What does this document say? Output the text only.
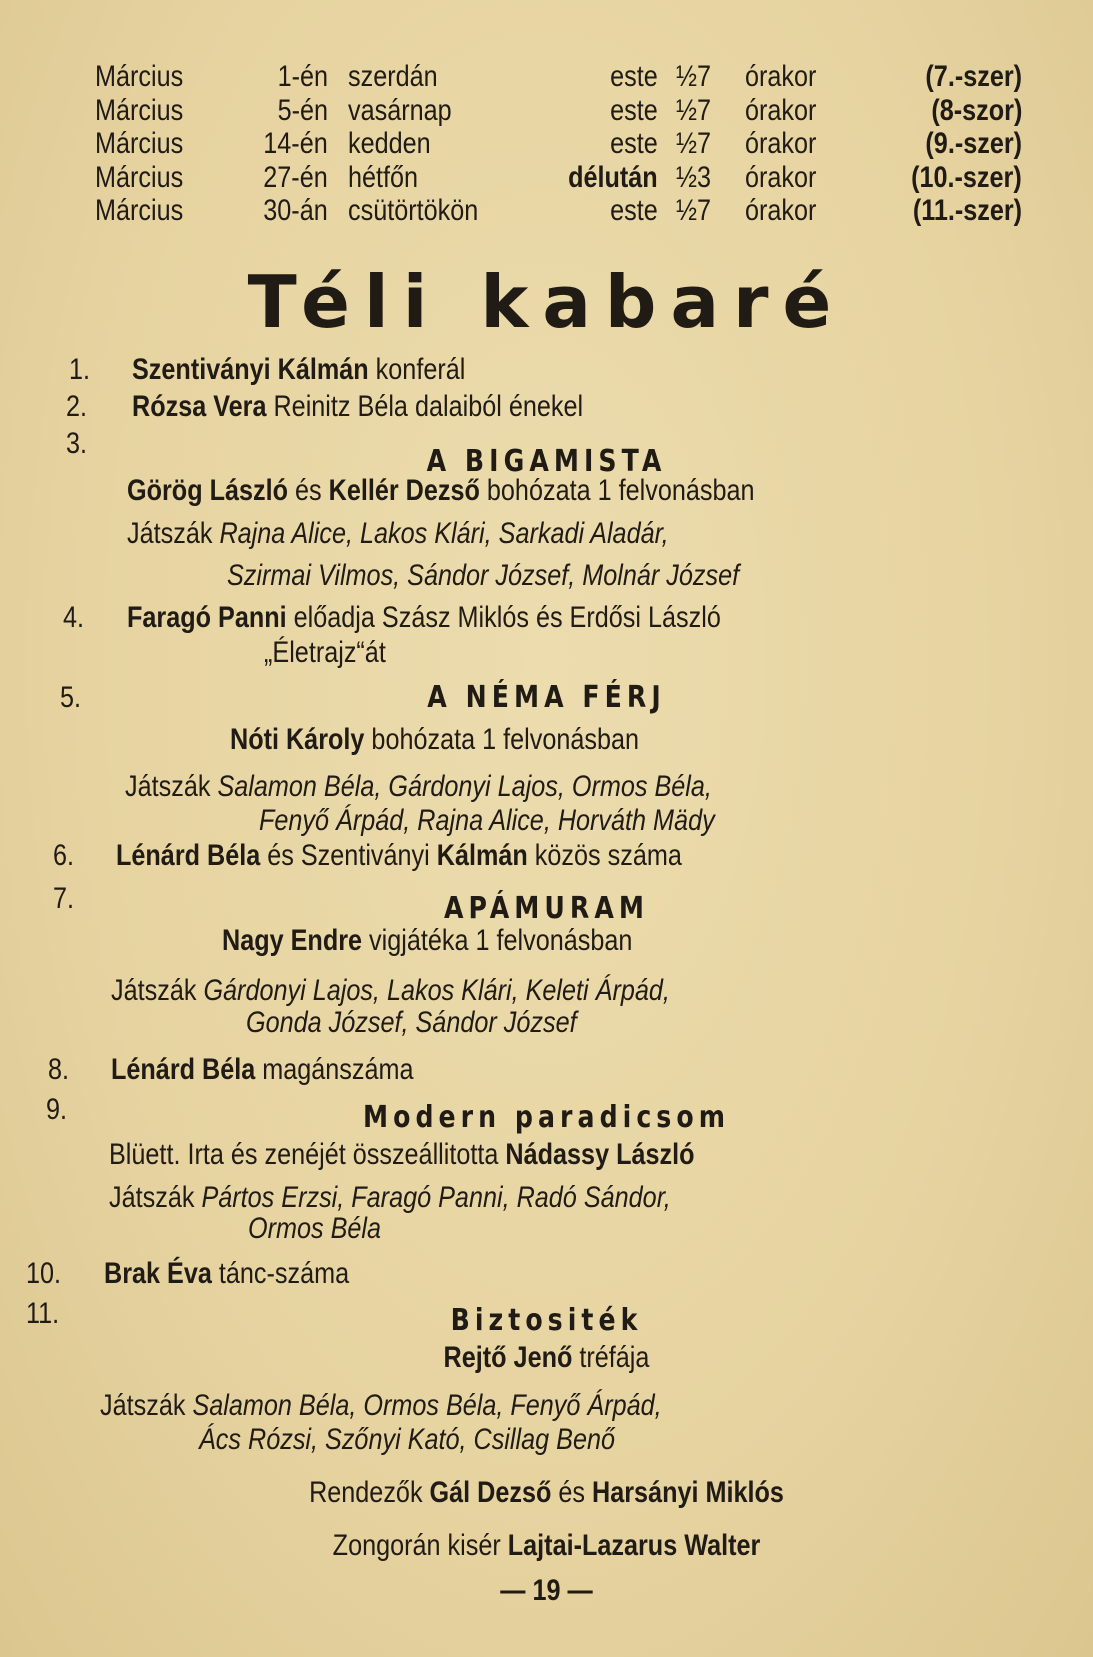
Március	1-én szerdán	este ½7 órakor	(7.-szer)
Március	5-én vasárnap	este ½7 órakor	(8-szor)
Március	14-én kedden	este ½7 órakor	(9.-szer)
Március	27-én hétfőn	délután ½3 órakor	(10.-szer)
Március	30-án csütörtökön	este ½7 órakor	(11.-szer)
Téli kabaré
1. Szentiványi Kálmán konferál
2. Rózsa Vera Reinitz Béla dalaiból énekel
3.
A BIGAMISTA
Görög László és Kellér Dezső bohózata 1 felvonásban
Játszák Rajna Alice, Lakos Klári, Sarkadi Aladár,
Szirmai Vilmos, Sándor József, Molnár József
4. Faragó Panni előadja Szász Miklós és Erdősi László
„Életrajz“át
5.	A NÉMA FÉRJ
Nóti Károly bohózata 1 felvonásban
Játszák Salamon Béla, Gárdonyi Lajos, Ormos Béla,
Fenyő Árpád, Rajna Alice, Horváth Mädy
6. Lénárd Béla és Szentiványi Kálmán közös száma
7.	APÁMURAM
Nagy Endre vigjátéka 1 felvonásban
Játszák Gárdonyi Lajos, Lakos Klári, Keleti Árpád,
Gonda József, Sándor József
8. Lénárd Béla magánszáma
9.	Modern paradicsom
Blüett. Irta és zenéjét összeállitotta Nádassy László
Játszák Pártos Erzsi, Faragó Panni, Radó Sándor,
Ormos Béla
10. Brak Éva tánc-száma
11.	Biztositék
Rejtő Jenő tréfája
Játszák Salamon Béla, Ormos Béla, Fenyő Árpád,
Ács Rózsi, Szőnyi Kató, Csillag Benő
Rendezők Gál Dezső és Harsányi Miklós
Zongorán kisér Lajtai-Lazarus Walter
— 19 —
